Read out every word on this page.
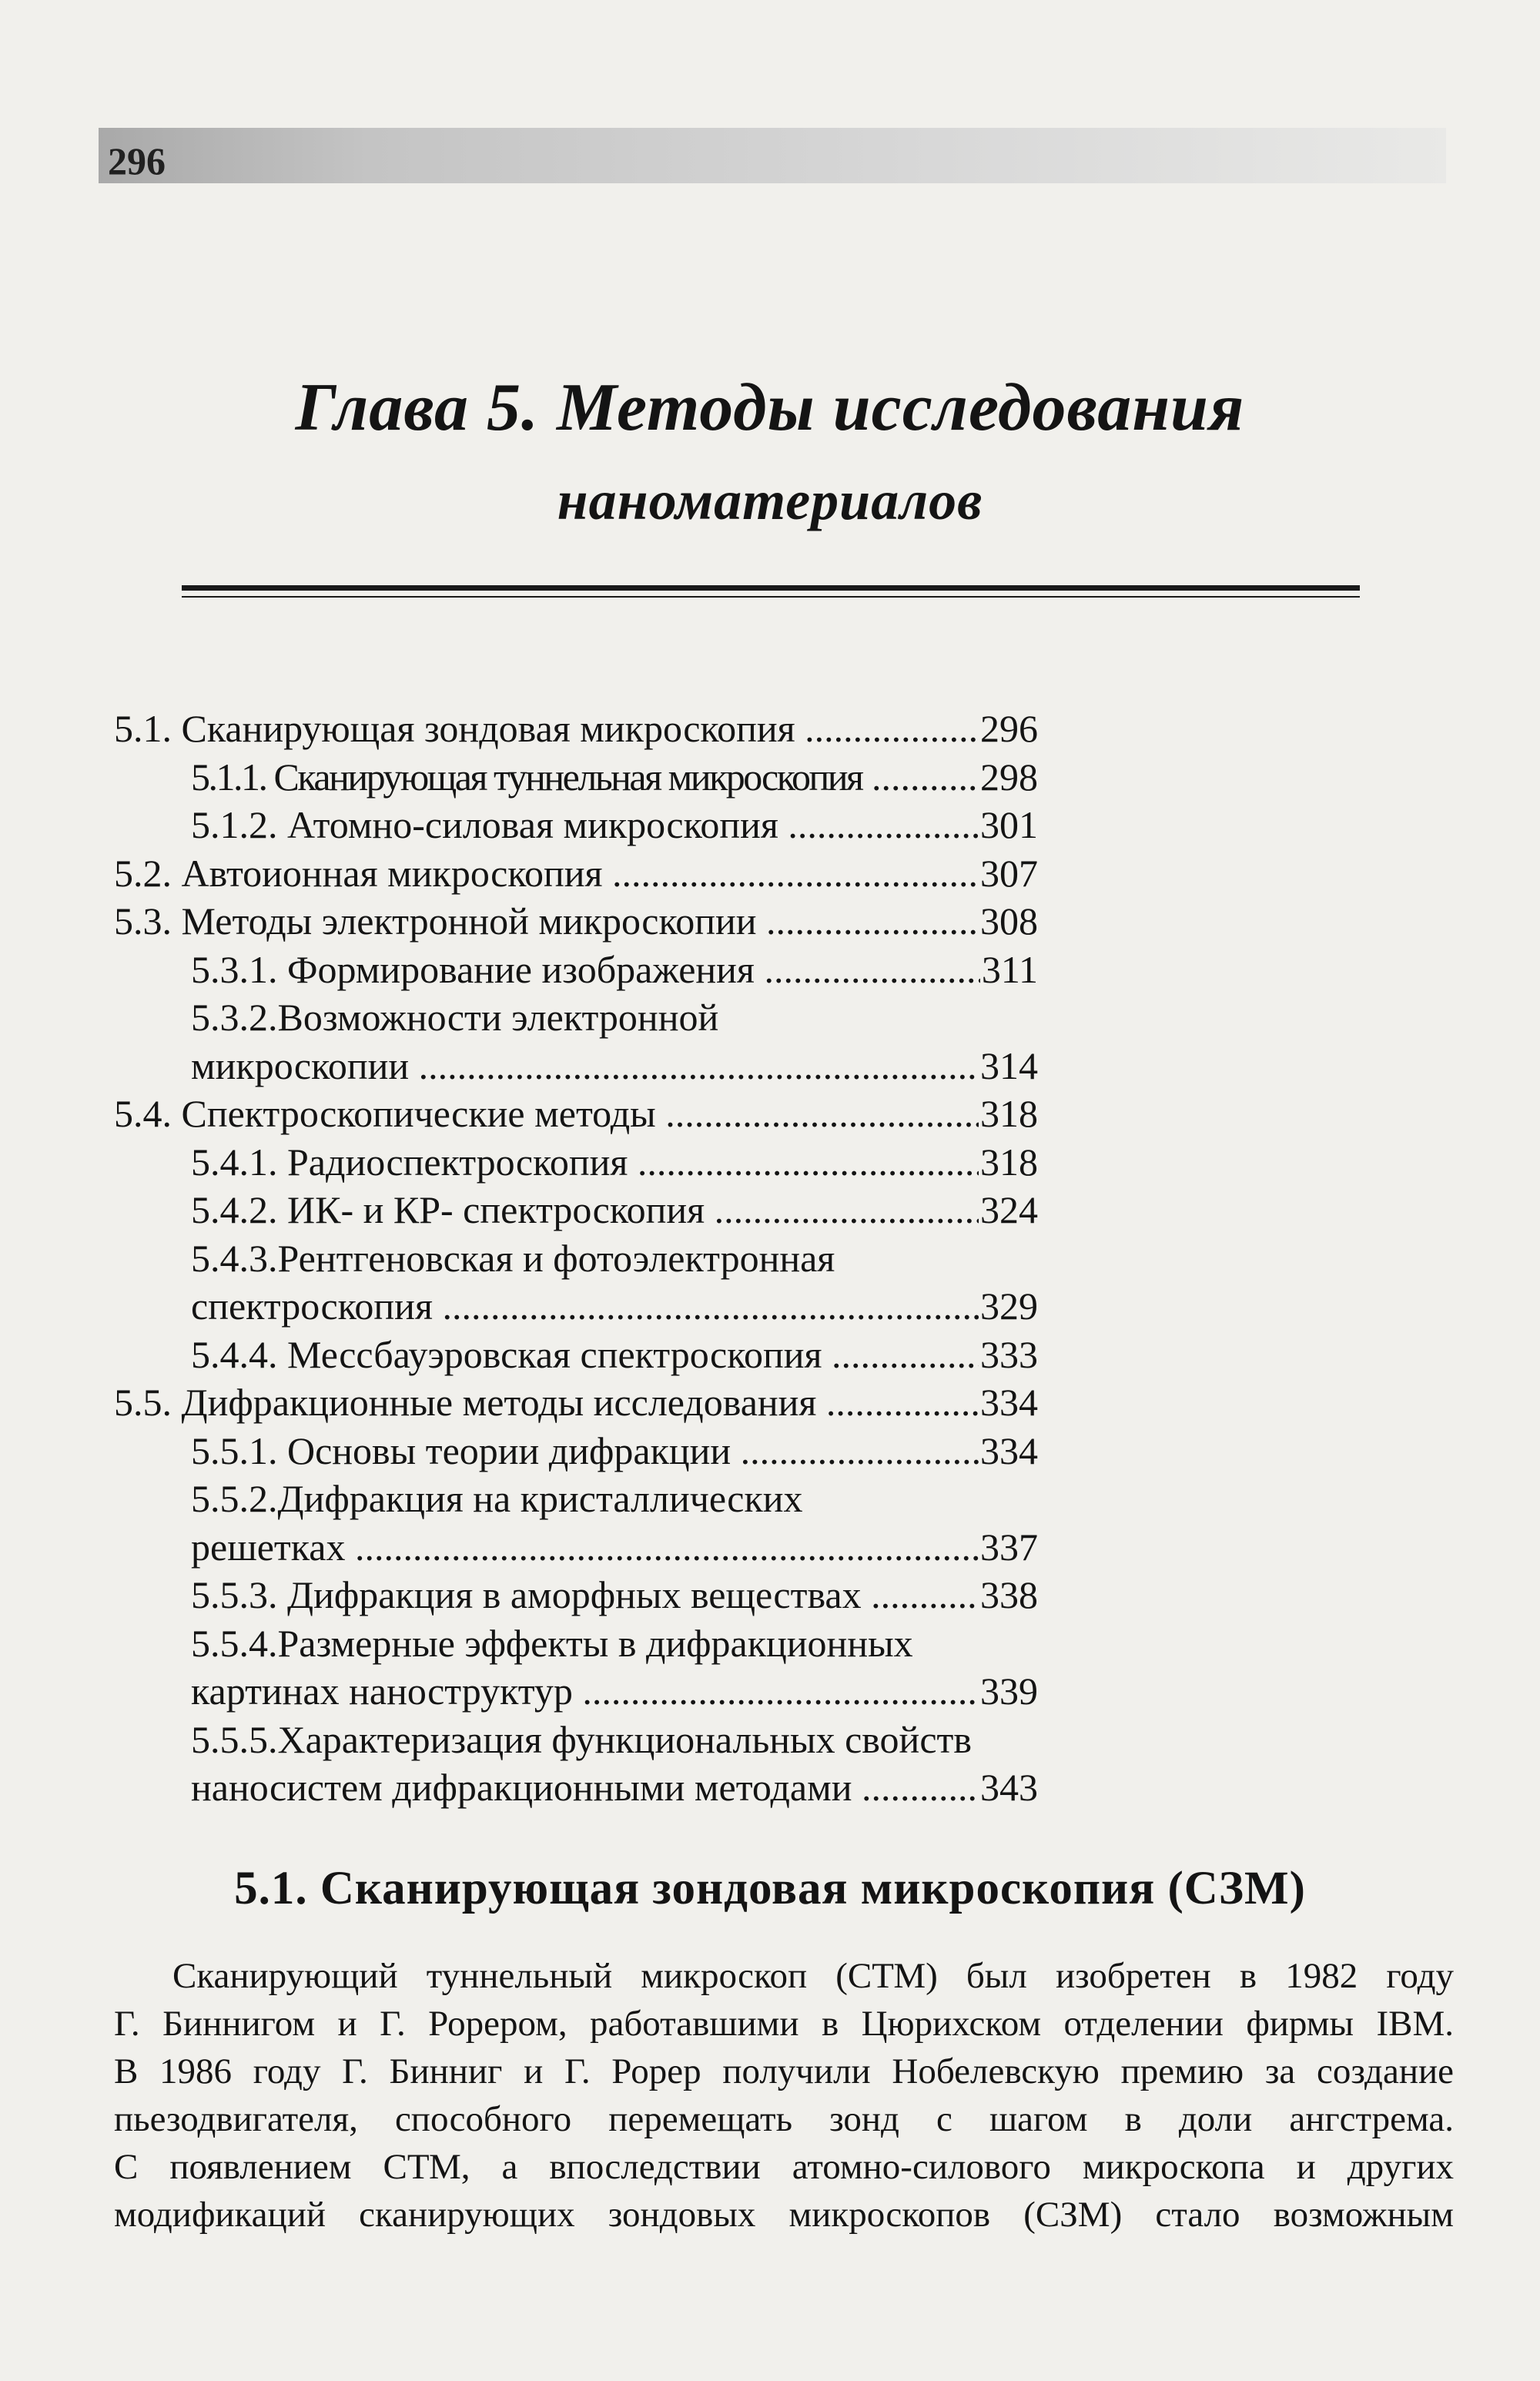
296
Глава 5. Методы исследования
наноматериалов
5.1. Сканирующая зондовая микроскопия .....	296
5.1.1. Сканирующая туннельная микроскопия .....	298
5.1.2. Атомно-силовая микроскопия .....	301
5.2. Автоионная микроскопия .....	307
5.3. Методы электронной микроскопии .....	308
5.3.1. Формирование изображения .....	311
5.3.2. Возможности электронной
микроскопии .....	314
5.4. Спектроскопические методы .....	318
5.4.1. Радиоспектроскопия .....	318
5.4.2. ИК- и КР- спектроскопия .....	324
5.4.3. Рентгеновская и фотоэлектронная
спектроскопия .....	329
5.4.4. Мессбауэровская спектроскопия .....	333
5.5. Дифракционные методы исследования .....	334
5.5.1. Основы теории дифракции .....	334
5.5.2. Дифракция на кристаллических
решетках .....	337
5.5.3. Дифракция в аморфных веществах .....	338
5.5.4. Размерные эффекты в дифракционных
картинах наноструктур .....	339
5.5.5. Характеризация функциональных свойств
наносистем дифракционными методами .....	343
5.1. Сканирующая зондовая микроскопия (СЗМ)
Сканирующий туннельный микроскоп (СТМ) был изобретен в 1982 году
Г. Биннигом и Г. Рорером, работавшими в Цюрихском отделении фирмы IBM.
В 1986 году Г. Бинниг и Г. Рорер получили Нобелевскую премию за создание
пьезодвигателя, способного перемещать зонд с шагом в доли ангстрема.
С появлением СТМ, а впоследствии атомно-силового микроскопа и других
модификаций сканирующих зондовых микроскопов (СЗМ) стало возможным
